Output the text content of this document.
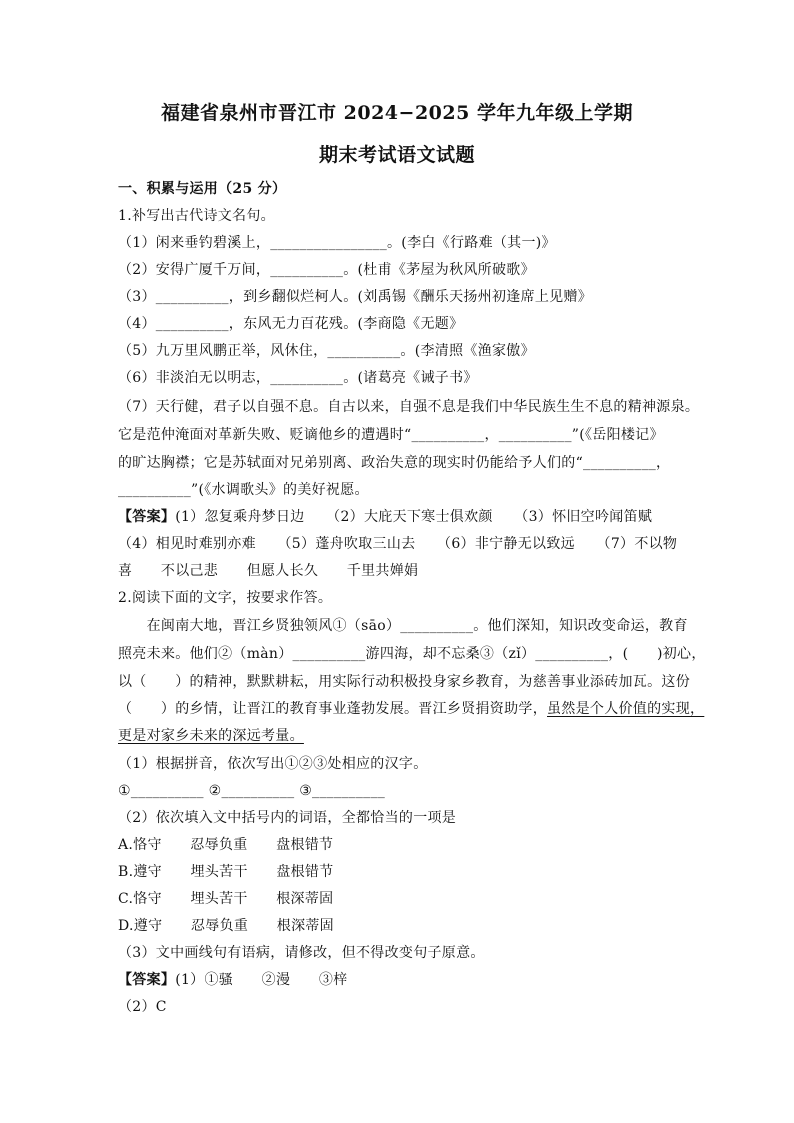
福建省泉州市晋江市 2024−2025 学年九年级上学期
期末考试语文试题
一、积累与运用（25 分）
1.补写出古代诗文名句。
（1）闲来垂钓碧溪上，________________。(李白《行路难（其一)》
（2）安得广厦千万间，__________。(杜甫《茅屋为秋风所破歌》
（3）__________，到乡翻似烂柯人。(刘禹锡《酬乐天扬州初逢席上见赠》
（4）__________，东风无力百花残。(李商隐《无题》
（5）九万里风鹏正举，风休住，__________。(李清照《渔家傲》
（6）非淡泊无以明志，__________。(诸葛亮《诫子书》
（7）天行健，君子以自强不息。自古以来，自强不息是我们中华民族生生不息的精神源泉。
它是范仲淹面对革新失败、贬谪他乡的遭遇时“__________，__________”(《岳阳楼记》
的旷达胸襟；它是苏轼面对兄弟别离、政治失意的现实时仍能给予人们的“__________，
__________”(《水调歌头》的美好祝愿。
【答案】(1）忽复乘舟梦日边　　（2）大庇天下寒士俱欢颜　　（3）怀旧空吟闻笛赋
（4）相见时难别亦难　　（5）蓬舟吹取三山去　　（6）非宁静无以致远　　（7）不以物
喜　　不以己悲　　但愿人长久　　千里共婵娟
2.阅读下面的文字，按要求作答。
　　在闽南大地，晋江乡贤独领风①（sāo）__________。他们深知，知识改变命运，教育
照亮未来。他们②（màn）__________游四海，却不忘桑③（zǐ）__________，(　　)初心，
以（　　）的精神，默默耕耘，用实际行动积极投身家乡教育，为慈善事业添砖加瓦。这份
（　　）的乡情，让晋江的教育事业蓬勃发展。晋江乡贤捐资助学，虽然是个人价值的实现，
更是对家乡未来的深远考量。
（1）根据拼音，依次写出①②③处相应的汉字。
①__________ ②__________ ③__________
（2）依次填入文中括号内的词语，全都恰当的一项是
A.恪守　　忍辱负重　　盘根错节
B.遵守　　埋头苦干　　盘根错节
C.恪守　　埋头苦干　　根深蒂固
D.遵守　　忍辱负重　　根深蒂固
（3）文中画线句有语病，请修改，但不得改变句子原意。
【答案】(1）①骚　　②漫　　③梓
（2）C
